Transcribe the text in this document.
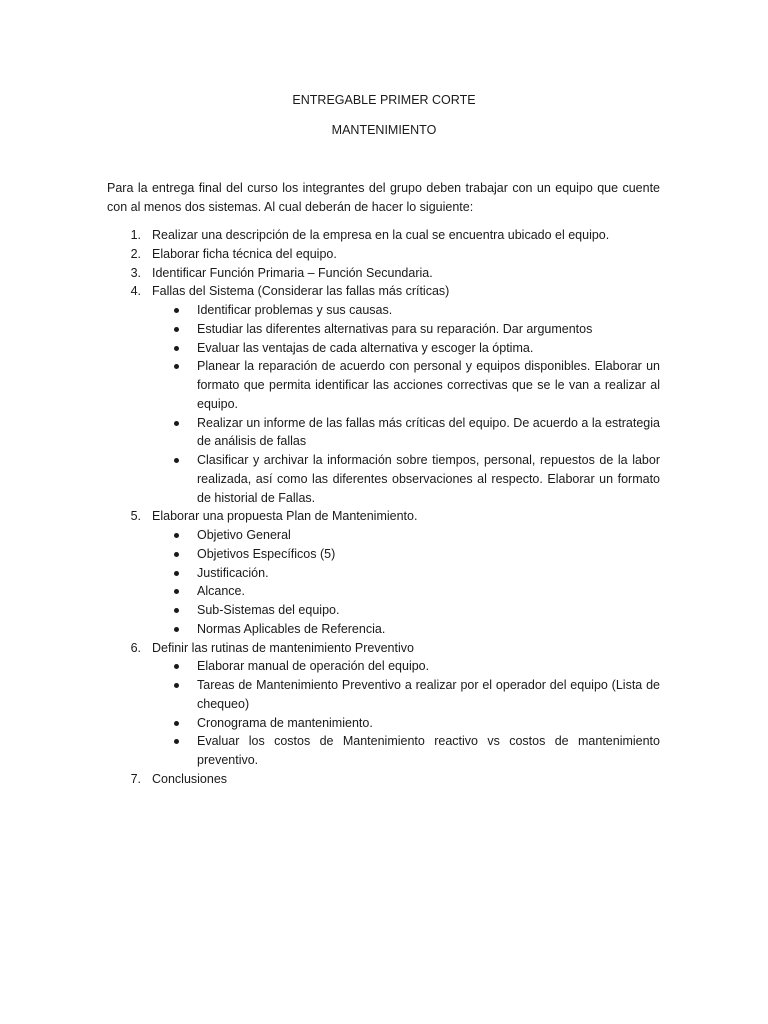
ENTREGABLE PRIMER CORTE
MANTENIMIENTO

Para la entrega final del curso los integrantes del grupo deben trabajar con un equipo que cuente con al menos dos sistemas. Al cual deberán de hacer lo siguiente:

1. Realizar una descripción de la empresa en la cual se encuentra ubicado el equipo.
2. Elaborar ficha técnica del equipo.
3. Identificar Función Primaria – Función Secundaria.
4. Fallas del Sistema (Considerar las fallas más críticas)
Identificar problemas y sus causas.
Estudiar las diferentes alternativas para su reparación. Dar argumentos
Evaluar las ventajas de cada alternativa y escoger la óptima.
Planear la reparación de acuerdo con personal y equipos disponibles. Elaborar un formato que permita identificar las acciones correctivas que se le van a realizar al equipo.
Realizar un informe de las fallas más críticas del equipo. De acuerdo a la estrategia de análisis de fallas
Clasificar y archivar la información sobre tiempos, personal, repuestos de la labor realizada, así como las diferentes observaciones al respecto. Elaborar un formato de historial de Fallas.
5. Elaborar una propuesta Plan de Mantenimiento.
Objetivo General
Objetivos Específicos (5)
Justificación.
Alcance.
Sub-Sistemas del equipo.
Normas Aplicables de Referencia.
6. Definir las rutinas de mantenimiento Preventivo
Elaborar manual de operación del equipo.
Tareas de Mantenimiento Preventivo a realizar por el operador del equipo (Lista de chequeo)
Cronograma de mantenimiento.
Evaluar los costos de Mantenimiento reactivo vs costos de mantenimiento preventivo.
7. Conclusiones
